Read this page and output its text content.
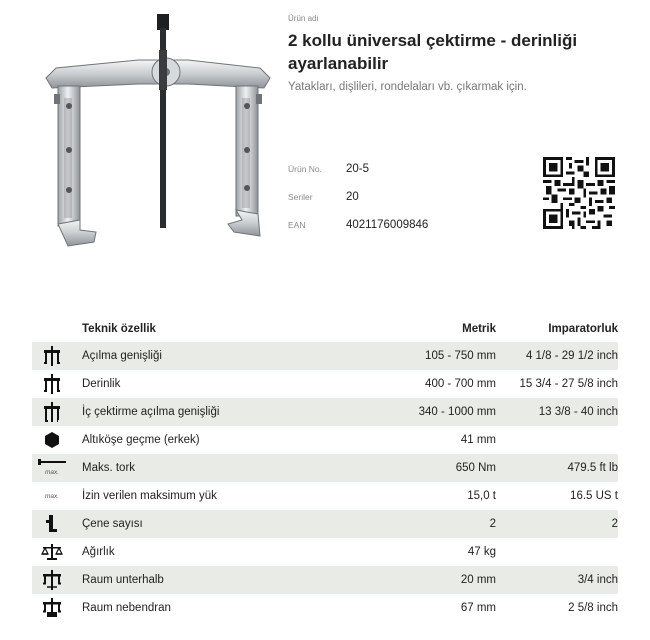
Ürün adı
2 kollu üniversal çektirme - derinliği
ayarlanabilir
Yatakları, dişlileri, rondelaları vb. çıkarmak için.
Ürün No.	20-5
Seriler	20
EAN	4021176009846
Teknik özellik	Metrik	Imparatorluk
Açılma genişliği	105 - 750 mm	4 1/8 - 29 1/2 inch
Derinlik	400 - 700 mm	15 3/4 - 27 5/8 inch
İç çektirme açılma genişliği	340 - 1000 mm	13 3/8 - 40 inch
Altıköşe geçme (erkek)	41 mm
max.	Maks. tork	650 Nm	479.5 ft lb
max.	İzin verilen maksimum yük	15,0 t	16.5 US t
Çene sayısı	2	2
Ağırlık	47 kg
Raum unterhalb	20 mm	3/4 inch
Raum nebendran	67 mm	2 5/8 inch
